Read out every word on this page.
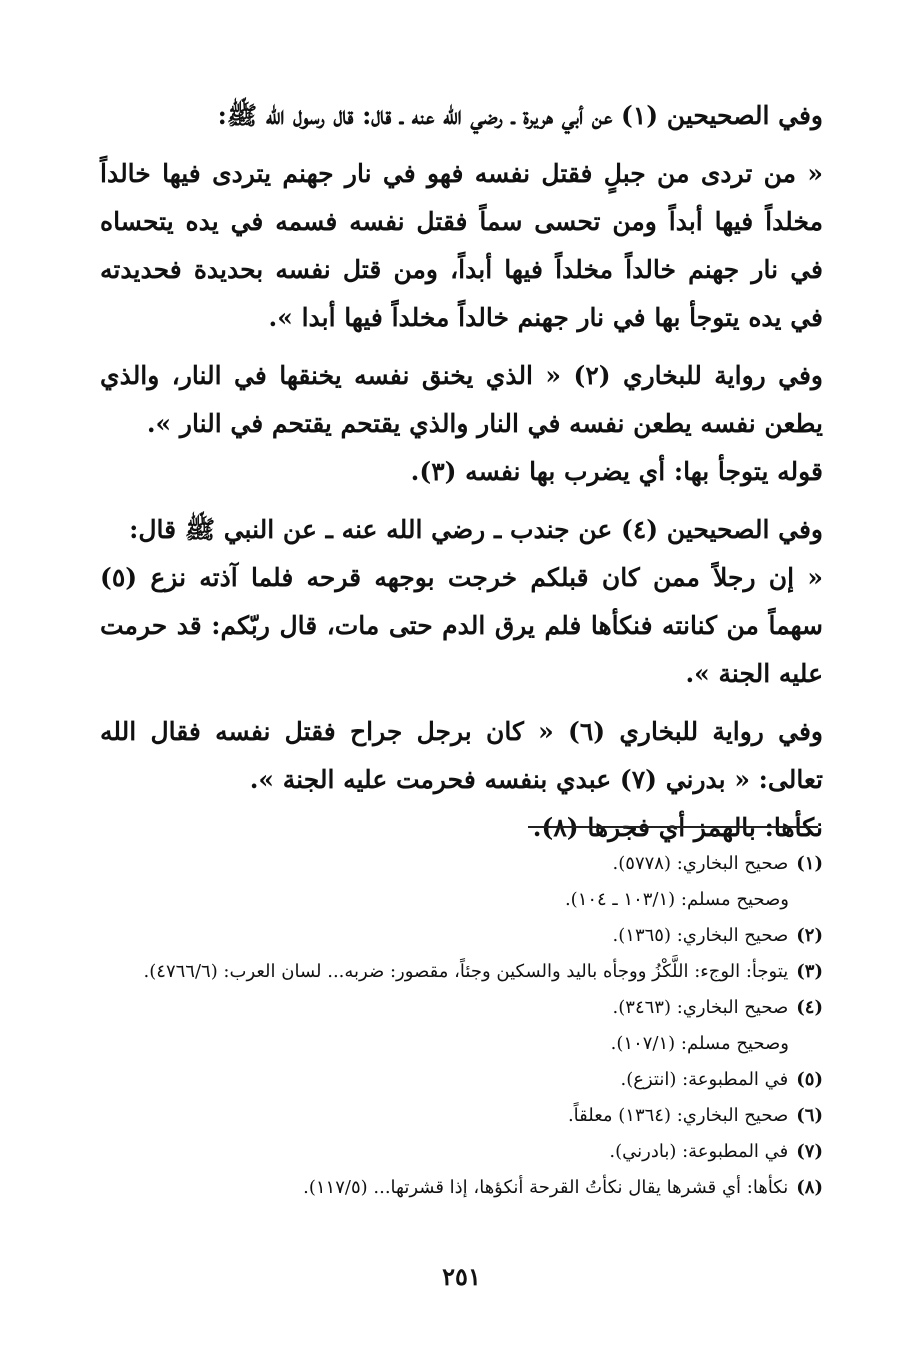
وفي الصحيحين (١) عن أبي هريرة ـ رضي الله عنه ـ قال: قال رسول الله ﷺ:

« من تردى من جبلٍ فقتل نفسه فهو في نار جهنم يتردى فيها خالداً مخلداً فيها أبداً ومن تحسى سماً فقتل نفسه فسمه في يده يتحساه في نار جهنم خالداً مخلداً فيها أبداً، ومن قتل نفسه بحديدة فحديدته في يده يتوجأ بها في نار جهنم خالداً مخلداً فيها أبدا ».

وفي رواية للبخاري (٢) « الذي يخنق نفسه يخنقها في النار، والذي يطعن نفسه يطعن نفسه في النار والذي يقتحم يقتحم في النار ».

قوله يتوجأ بها: أي يضرب بها نفسه (٣).

وفي الصحيحين (٤) عن جندب ـ رضي الله عنه ـ عن النبي ﷺ قال:

« إن رجلاً ممن كان قبلكم خرجت بوجهه قرحه فلما آذته نزع (٥) سهماً من كنانته فنكأها فلم يرق الدم حتى مات، قال ربّكم: قد حرمت عليه الجنة ».

وفي رواية للبخاري (٦) « كان برجل جراح فقتل نفسه فقال الله تعالى: « بدرني (٧) عبدي بنفسه فحرمت عليه الجنة ».

نكأها: بالهمز أي فجرها (٨).

(١)صحيح البخاري: (٥٧٧٨).
وصحيح مسلم: (١٠٣/١ ـ ١٠٤).
(٢)صحيح البخاري: (١٣٦٥).
(٣)يتوجأ: الوجء: اللَّكْزُ ووجأه باليد والسكين وجئاً، مقصور: ضربه... لسان العرب: (٤٧٦٦/٦).
(٤)صحيح البخاري: (٣٤٦٣).
وصحيح مسلم: (١٠٧/١).
(٥)في المطبوعة: (انتزع).
(٦)صحيح البخاري: (١٣٦٤) معلقاً.
(٧)في المطبوعة: (بادرني).
(٨)نكأها: أي قشرها يقال نكأتُ القرحة أنكؤها، إذا قشرتها... (١١٧/٥).
٢٥١
